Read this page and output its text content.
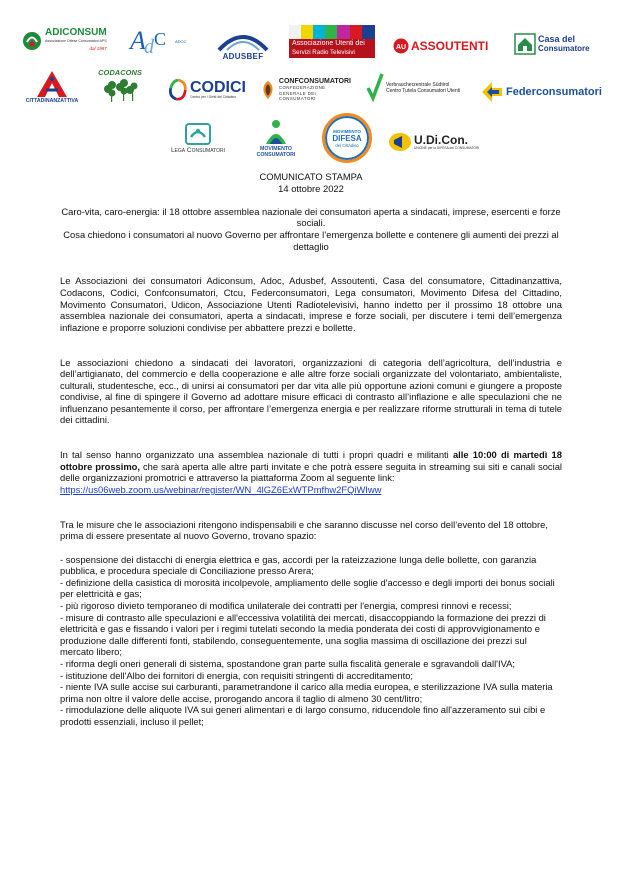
ADICONSUM
Associazione Difesa Consumatori APS
dal 1987 A
d C ADOC
ADUSBEF
Associazione Utenti dei
Servizi Radio Televisivi
AU ASSOUTENTI	Casa del
Consumatore
CITTADINANZATTIVA
CODACONS
CODICI
Centro per i Diritti del Cittadino
CONFCONSUMATORI
CONFEDERAZIONE GENERALE DEI CONSUMATORI
Verbraucherzentrale Südtirol
Centro Tutela Consumatori Utenti	Federconsumatori
Lega Consumatori	MOVIMENTO
CONSUMATORI
MOVIMENTO
DIFESA
del Cittadino	U.Di.Con.
UNIONE per la DIFESA dei CONSUMATORI

COMUNICATO STAMPA

14 ottobre 2022

Caro-vita, caro-energia: il 18 ottobre assemblea nazionale dei consumatori aperta a sindacati, imprese, esercenti e forze sociali.

Cosa chiedono i consumatori al nuovo Governo per affrontare l’emergenza bollette e contenere gli aumenti dei prezzi al dettaglio

Le Associazioni dei consumatori Adiconsum, Adoc, Adusbef, Assoutenti, Casa del consumatore, Cittadinanzattiva, Codacons, Codici, Confconsumatori, Ctcu, Federconsumatori, Lega consumatori, Movimento Difesa del Cittadino, Movimento Consumatori, Udicon, Associazione Utenti Radiotelevisivi, hanno indetto per il prossimo 18 ottobre una assemblea nazionale dei consumatori, aperta a sindacati, imprese e forze sociali, per discutere i temi dell’emergenza inflazione e proporre soluzioni condivise per abbattere prezzi e bollette.

Le associazioni chiedono a sindacati dei lavoratori, organizzazioni di categoria dell’agricoltura, dell’industria e dell’artigianato, del commercio e della cooperazione e alle altre forze sociali organizzate del volontariato, ambientaliste, culturali, studentesche, ecc., di unirsi ai consumatori per dar vita alle più opportune azioni comuni e giungere a proposte condivise, al fine di spingere il Governo ad adottare misure efficaci di contrasto all’inflazione e alle speculazioni che ne influenzano pesantemente il corso, per affrontare l’emergenza energia e per realizzare riforme strutturali in tema di tutele dei cittadini.

In tal senso hanno organizzato una assemblea nazionale di tutti i propri quadri e militanti alle 10:00 di martedì 18 ottobre prossimo, che sarà aperta alle altre parti invitate e che potrà essere seguita in streaming sui siti e canali social delle organizzazioni promotrici e attraverso la piattaforma Zoom al seguente link:
https://us06web.zoom.us/webinar/register/WN_4lGZ6ExWTPmfhw2FQiWIww

Tra le misure che le associazioni ritengono indispensabili e che saranno discusse nel corso dell’evento del 18 ottobre, prima di essere presentate al nuovo Governo, trovano spazio:

- sospensione dei distacchi di energia elettrica e gas, accordi per la rateizzazione lunga delle bollette, con garanzia pubblica, e procedura speciale di Conciliazione presso Arera;

- definizione della casistica di morosità incolpevole, ampliamento delle soglie d'accesso e degli importi dei bonus sociali per elettricità e gas;

- più rigoroso divieto temporaneo di modifica unilaterale dei contratti per l'energia, compresi rinnovi e recessi;

- misure di contrasto alle speculazioni e all'eccessiva volatilità dei mercati, disaccoppiando la formazione dei prezzi di elettricità e gas e fissando i valori per i regimi tutelati secondo la media ponderata dei costi di approvvigionamento e produzione dalle differenti fonti, stabilendo, conseguentemente, una soglia massima di oscillazione dei prezzi sul mercato libero;

- riforma degli oneri generali di sistema, spostandone gran parte sulla fiscalità generale e sgravandoli dall'IVA;

- istituzione dell'Albo dei fornitori di energia, con requisiti stringenti di accreditamento;

- niente IVA sulle accise sui carburanti, parametrandone il carico alla media europea, e sterilizzazione IVA sulla materia prima non oltre il valore delle accise, prorogando ancora il taglio di almeno 30 cent/litro;

- rimodulazione delle aliquote IVA sui generi alimentari e di largo consumo, riducendole fino all'azzeramento sui cibi e prodotti essenziali, incluso il pellet;
